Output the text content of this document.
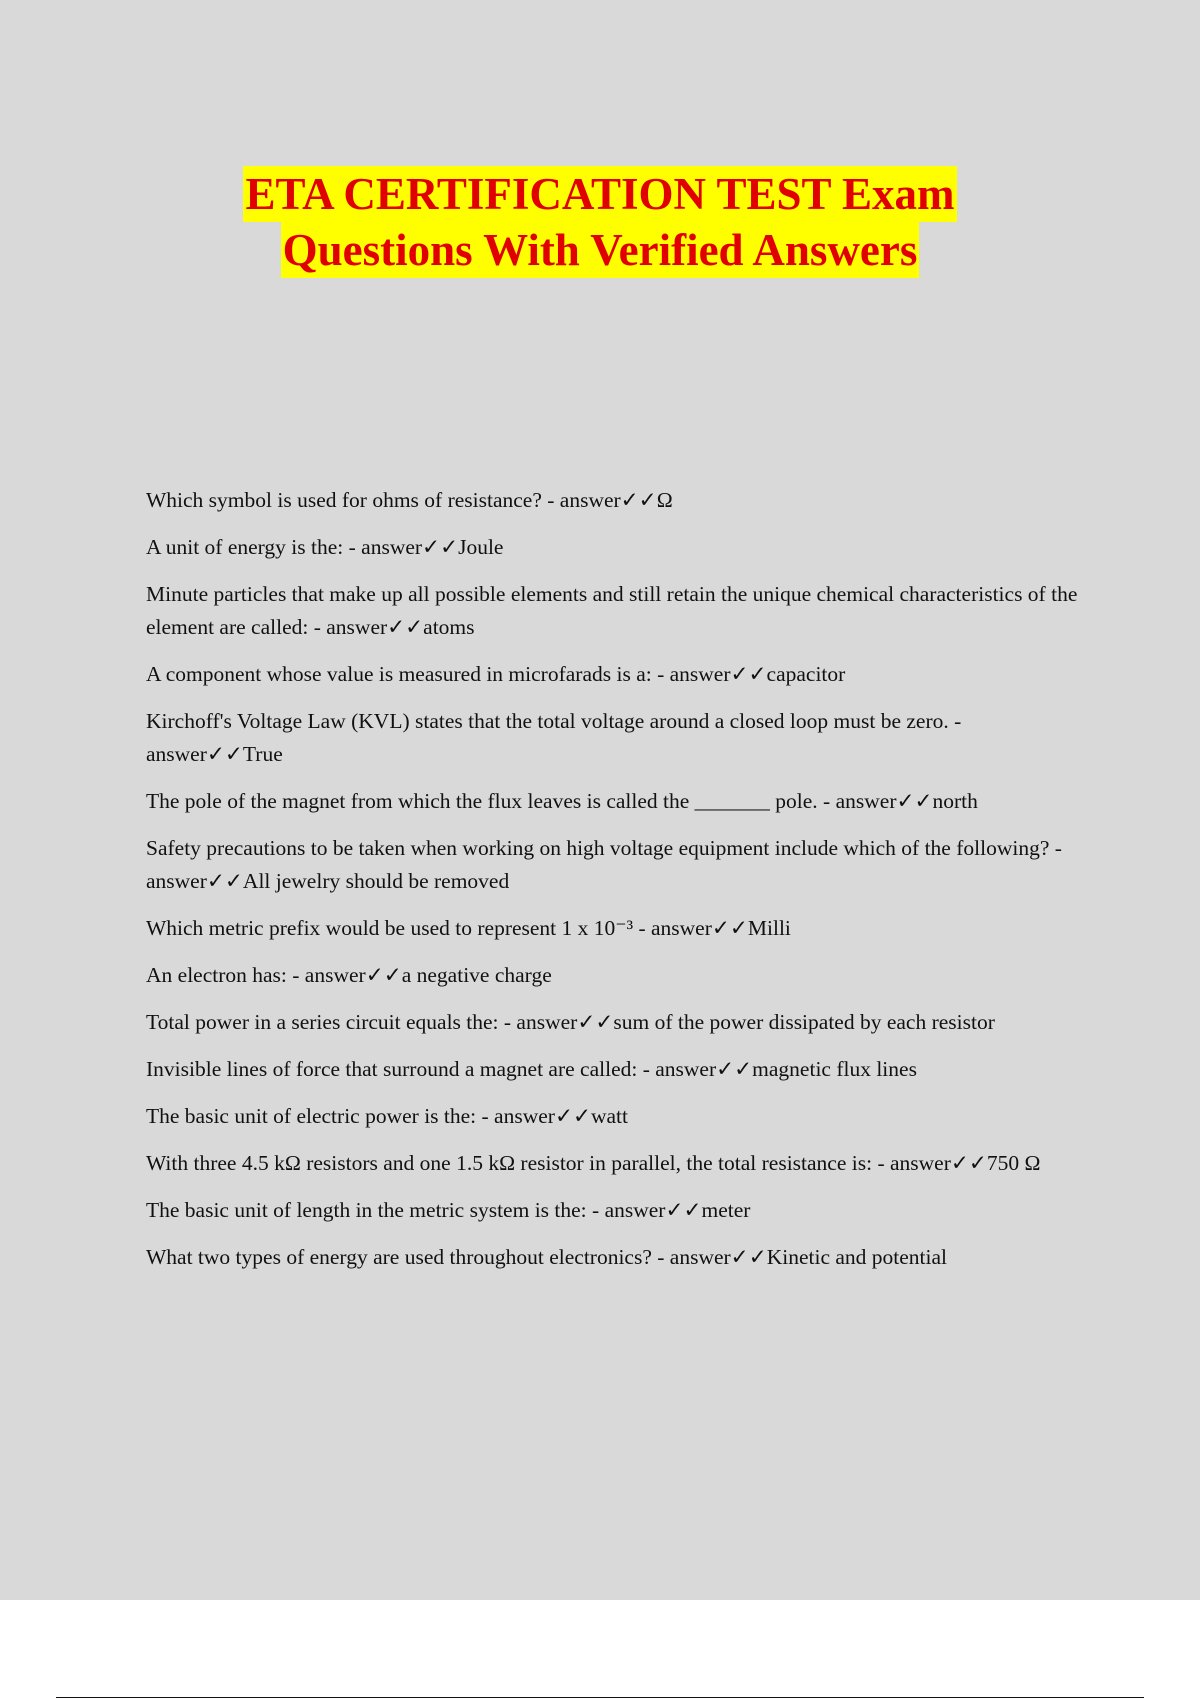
ETA CERTIFICATION TEST Exam
Questions With Verified Answers
Which symbol is used for ohms of resistance? - answer✓✓Ω
A unit of energy is the: - answer✓✓Joule
Minute particles that make up all possible elements and still retain the unique chemical characteristics of the element are called: - answer✓✓atoms
A component whose value is measured in microfarads is a: - answer✓✓capacitor
Kirchoff's Voltage Law (KVL) states that the total voltage around a closed loop must be zero. - answer✓✓True
The pole of the magnet from which the flux leaves is called the _______ pole. - answer✓✓north
Safety precautions to be taken when working on high voltage equipment include which of the following? - answer✓✓All jewelry should be removed
Which metric prefix would be used to represent 1 x 10⁻³ - answer✓✓Milli
An electron has: - answer✓✓a negative charge
Total power in a series circuit equals the: - answer✓✓sum of the power dissipated by each resistor
Invisible lines of force that surround a magnet are called: - answer✓✓magnetic flux lines
The basic unit of electric power is the: - answer✓✓watt
With three 4.5 kΩ resistors and one 1.5 kΩ resistor in parallel, the total resistance is: - answer✓✓750 Ω
The basic unit of length in the metric system is the: - answer✓✓meter
What two types of energy are used throughout electronics? - answer✓✓Kinetic and potential
